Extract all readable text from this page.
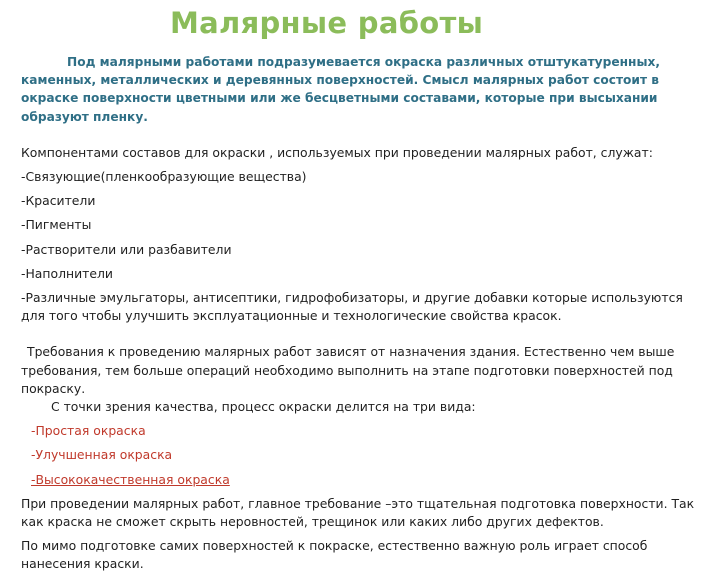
Малярные работы

Под малярными работами подразумевается окраска различных отштукатуренных, каменных, металлических и деревянных поверхностей. Смысл малярных работ состоит в окраске поверхности цветными или же бесцветными составами, которые при высыхании образуют пленку.

Компонентами составов для окраски , используемых при проведении малярных работ, служат:

-Связующие(пленкообразующие вещества)

-Красители

-Пигменты

-Растворители или разбавители

-Наполнители

-Различные эмульгаторы, антисептики, гидрофобизаторы, и другие добавки которые используются для того чтобы улучшить эксплуатационные и технологические свойства красок.

Требования к проведению малярных работ зависят от назначения здания. Естественно чем выше требования, тем больше операций необходимо выполнить на этапе подготовки поверхностей под покраску.

С точки зрения качества, процесс окраски делится на три вида:

-Простая окраска

-Улучшенная окраска

-Высококачественная окраска

При проведении малярных работ, главное требование –это тщательная подготовка поверхности. Так как краска не сможет скрыть неровностей, трещинок или каких либо других дефектов.

По мимо подготовке самих поверхностей к покраске, естественно важную роль играет способ нанесения краски.
